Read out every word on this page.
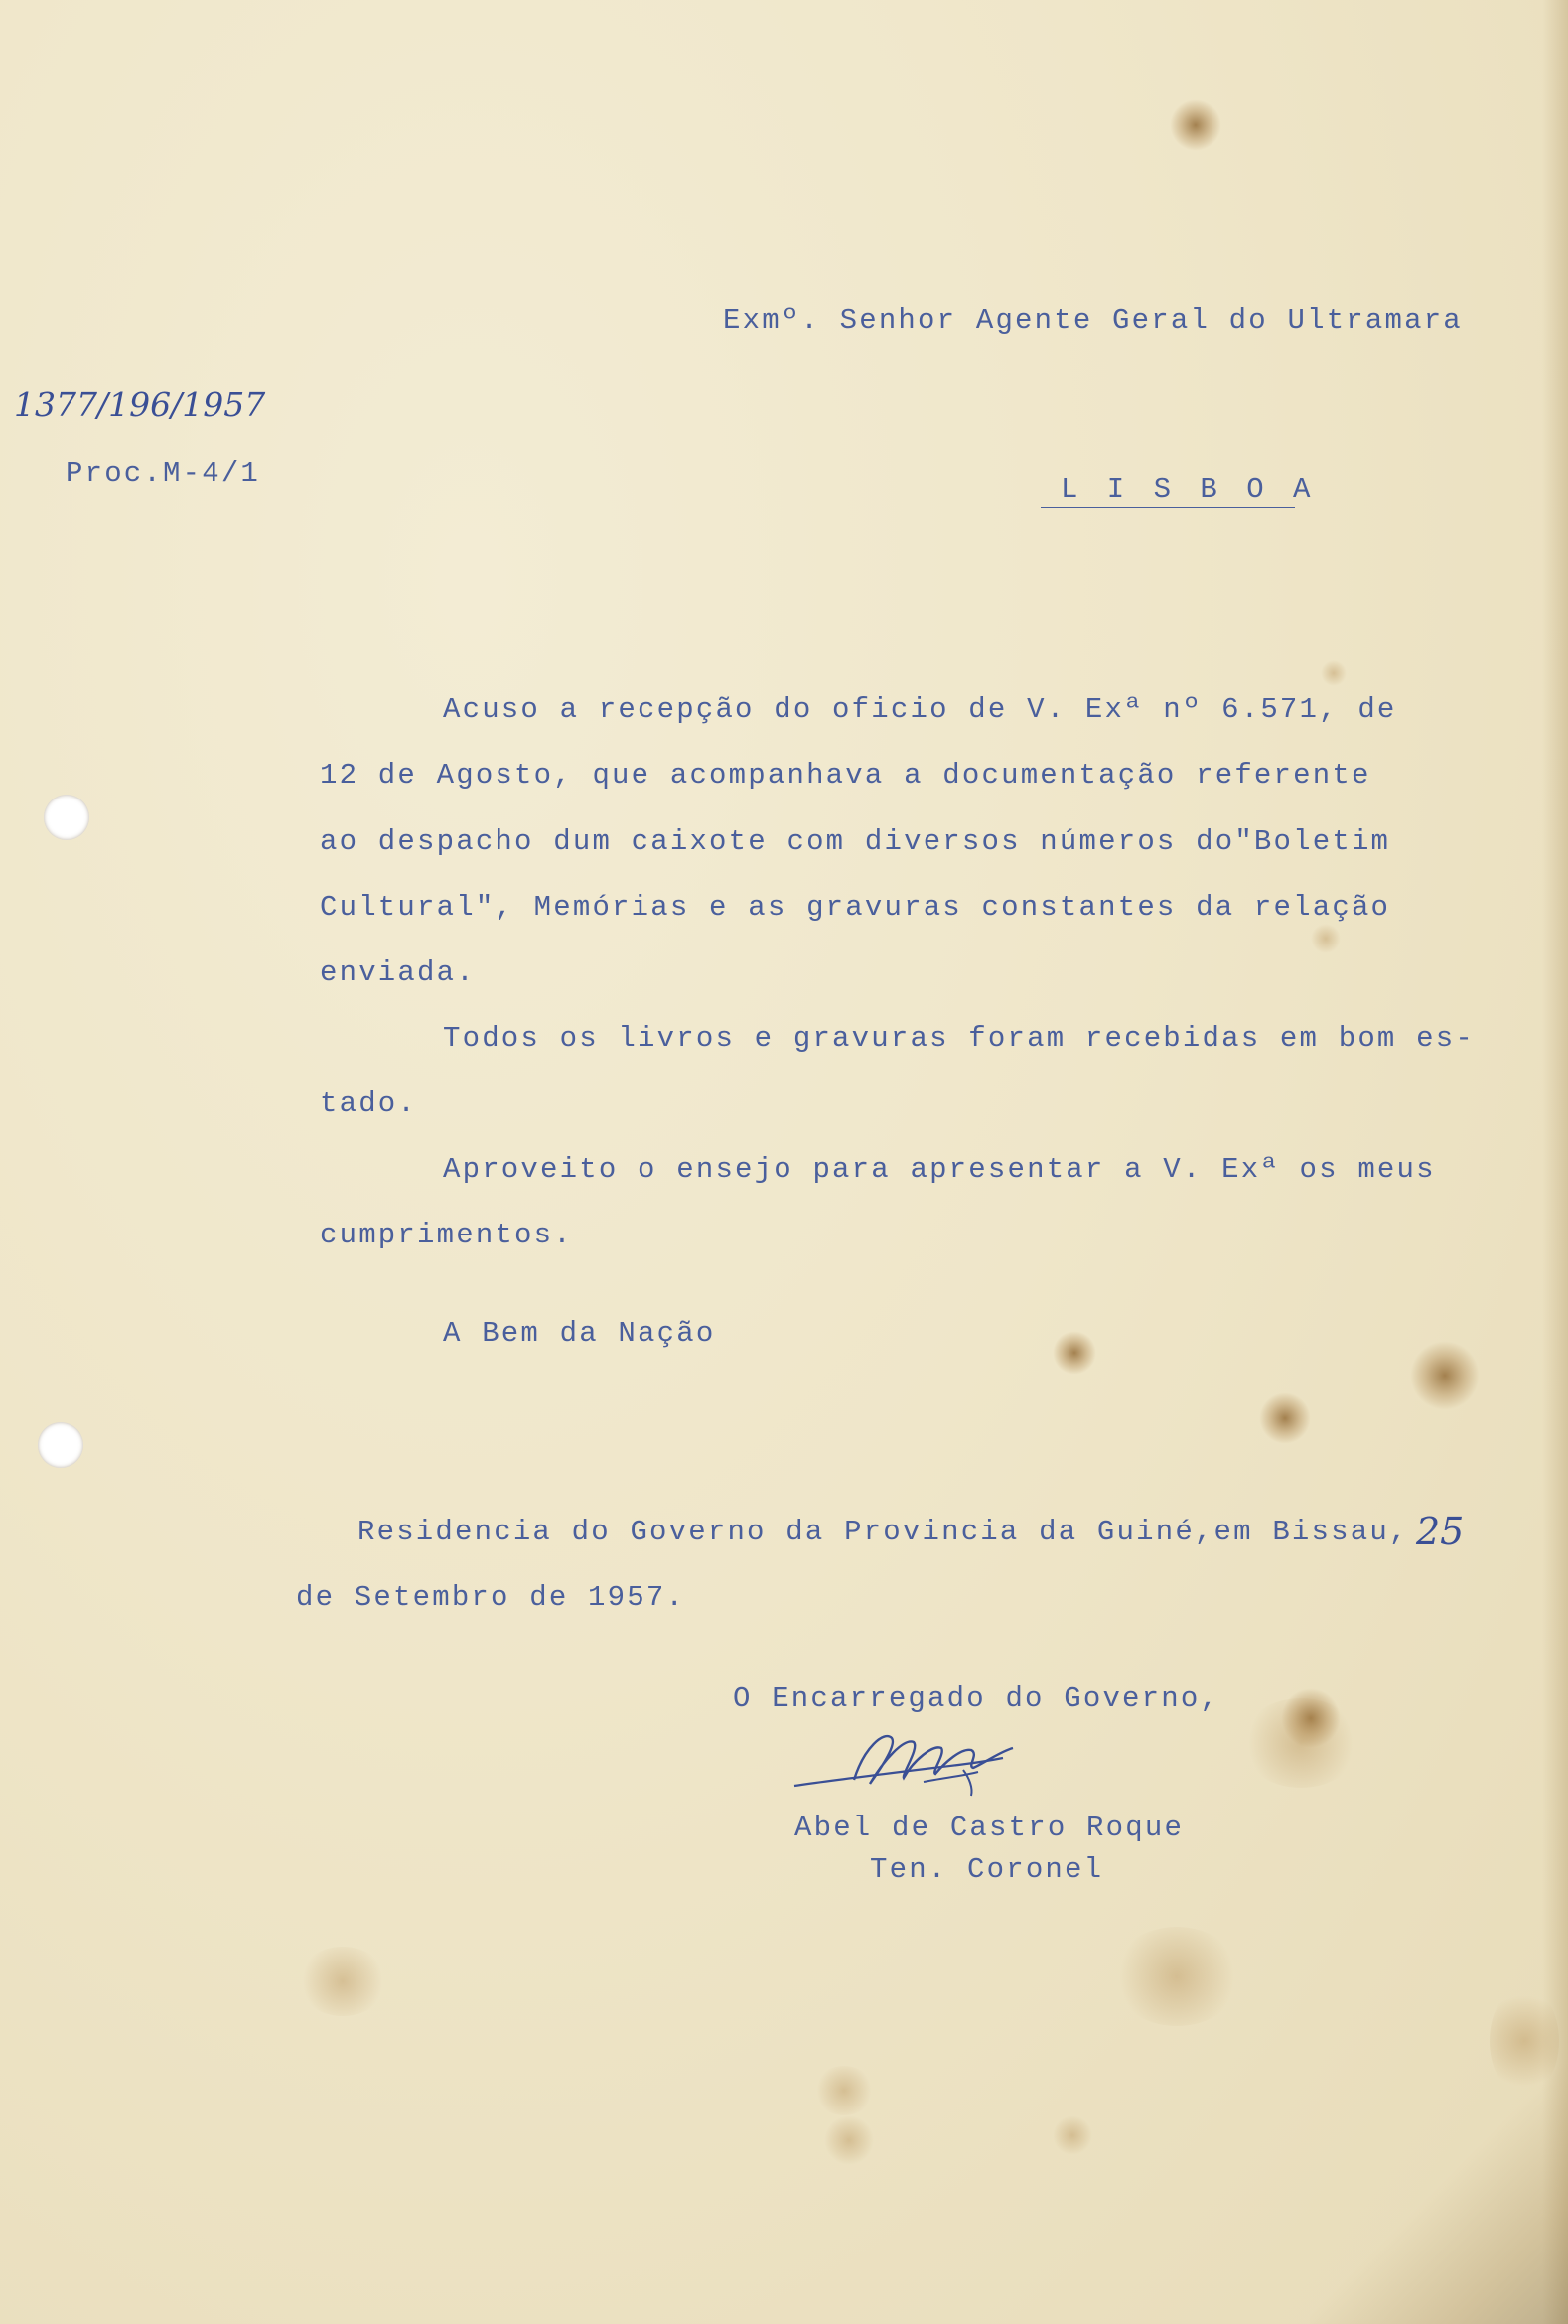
Exmº. Senhor Agente Geral do Ultramara
1377/196/1957
Proc.M-4/1	L I S B O A
Acuso a recepção do oficio de V. Exª nº 6.571, de
12 de Agosto, que acompanhava a documentação referente
ao despacho dum caixote com diversos números do"Boletim
Cultural", Memórias e as gravuras constantes da relação
enviada.
Todos os livros e gravuras foram recebidas em bom es-
tado.
Aproveito o ensejo para apresentar a V. Exª os meus
cumprimentos.
A Bem da Nação
Residencia do Governo da Provincia da Guiné,em Bissau, 25
de Setembro de 1957.
O Encarregado do Governo,
Abel de Castro Roque
Ten. Coronel
